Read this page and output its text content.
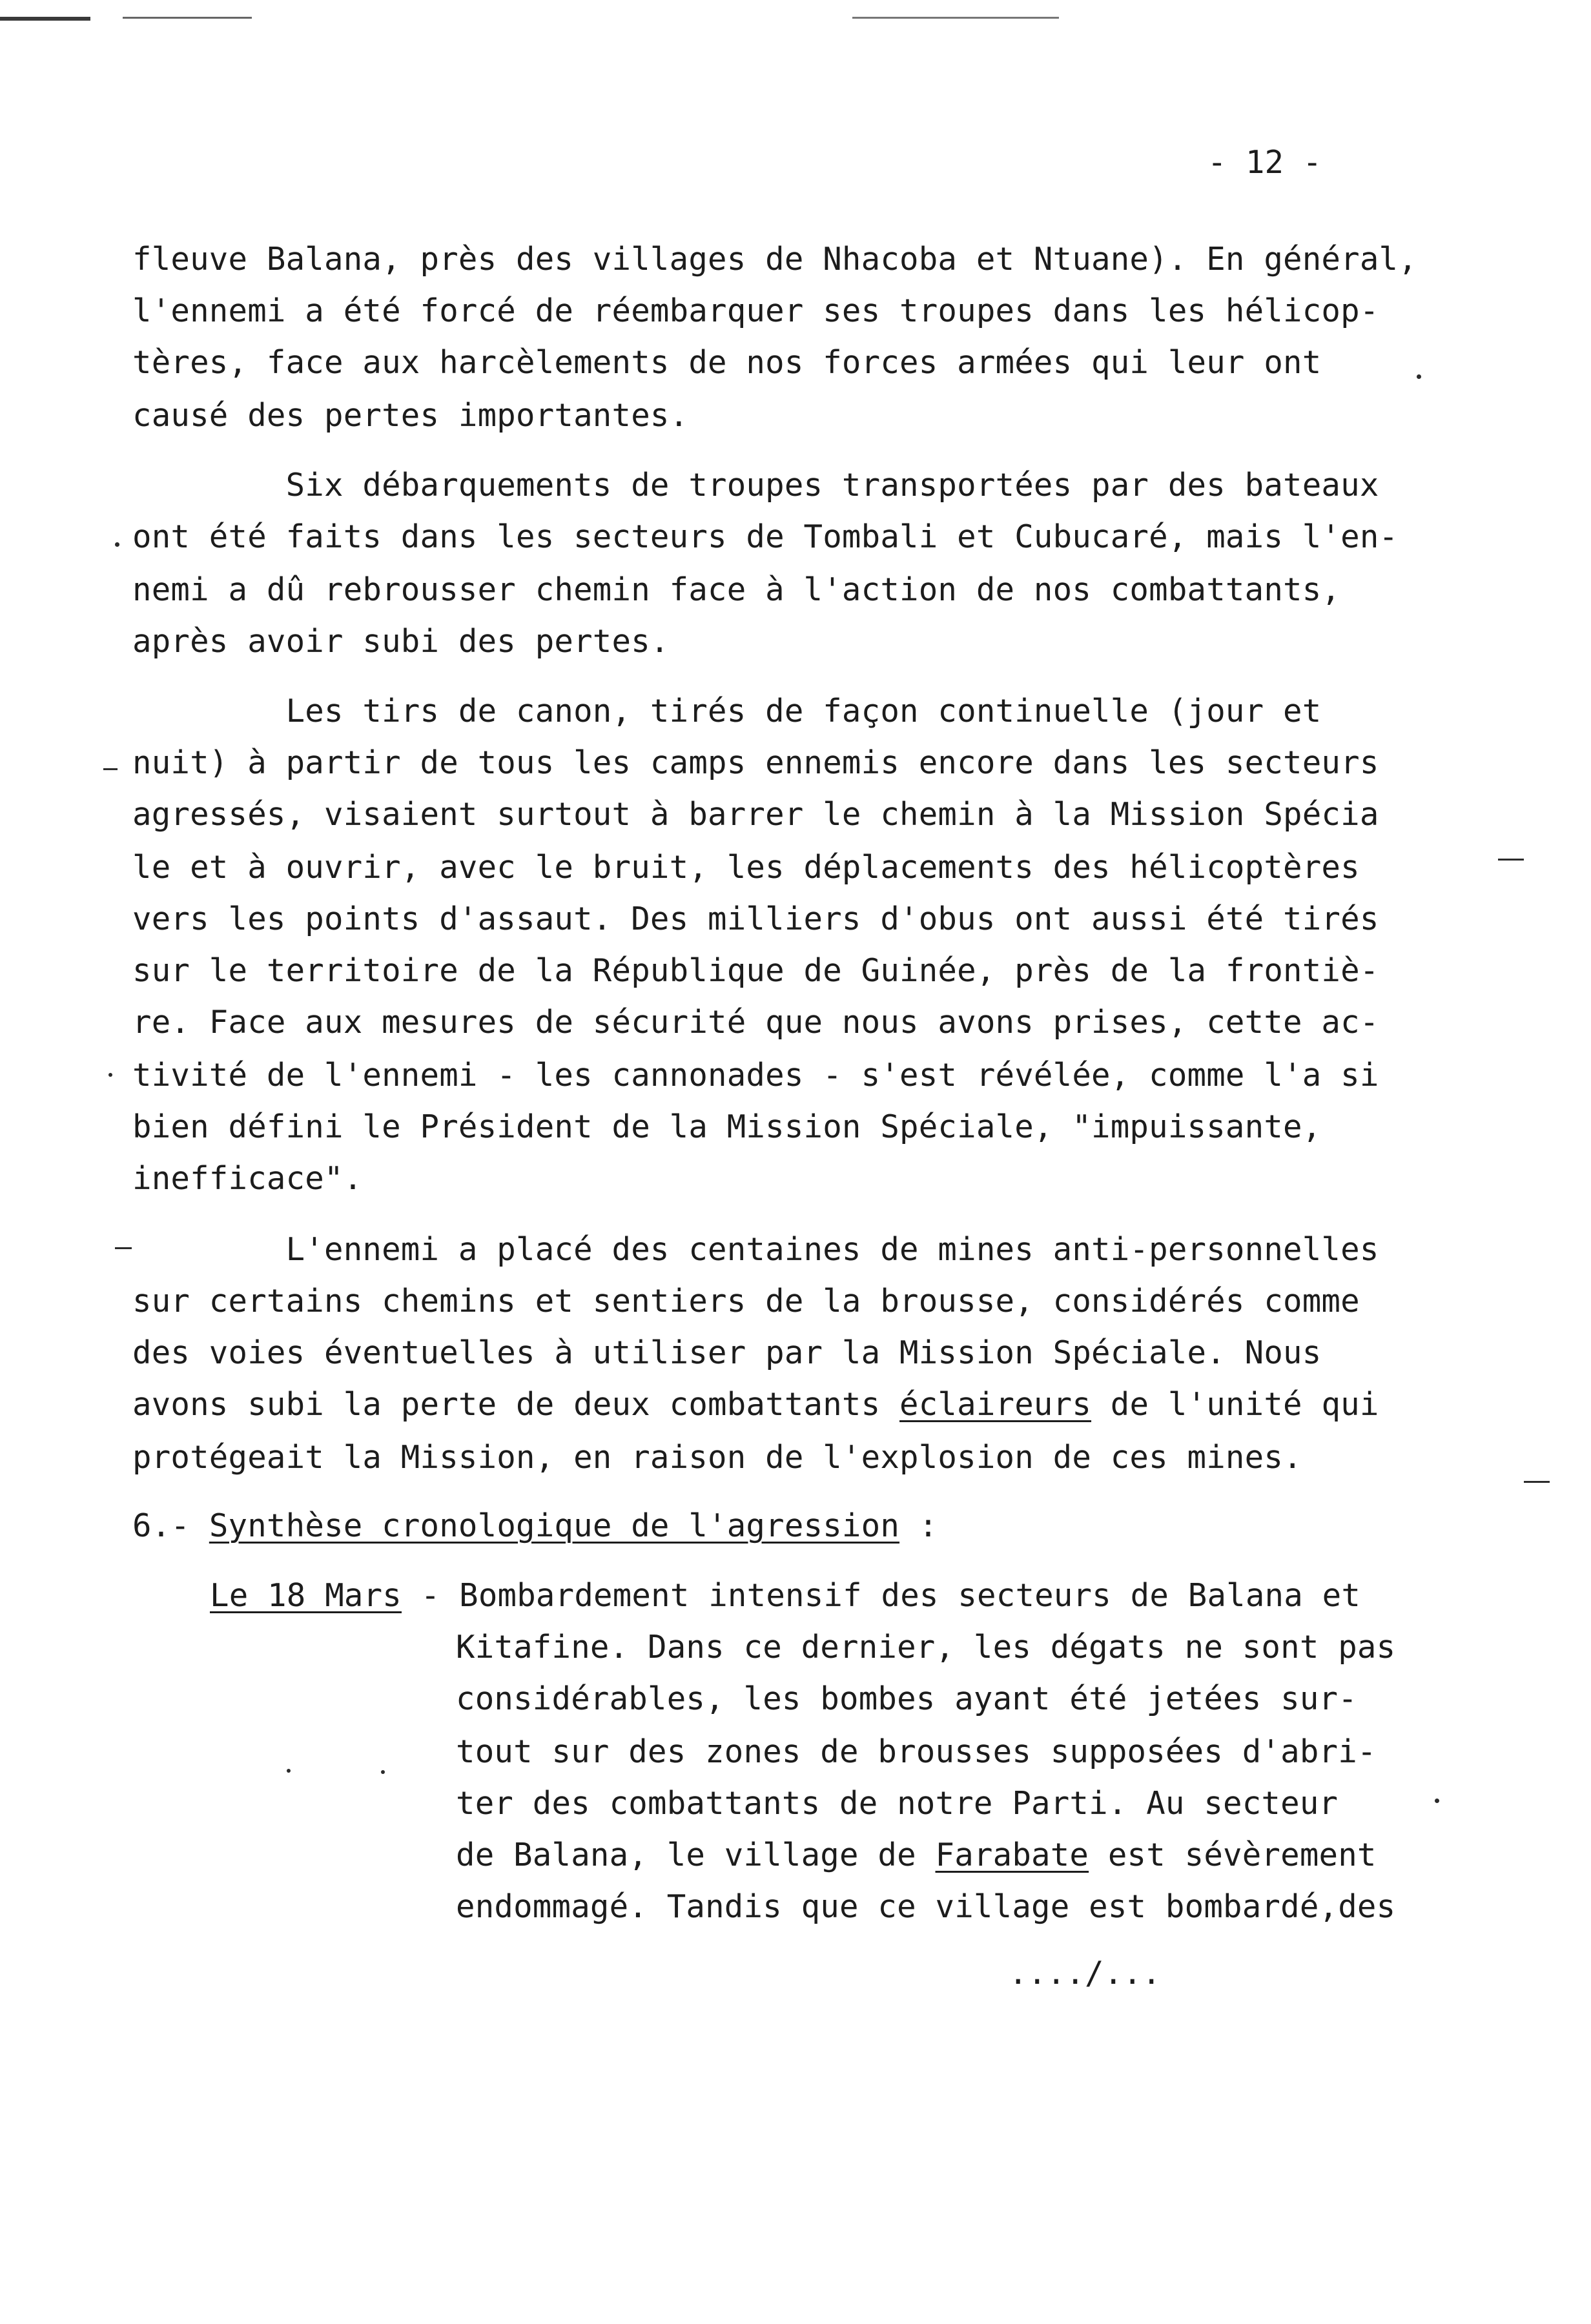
- 12 -
fleuve Balana, près des villages de Nhacoba et Ntuane). En général,
l'ennemi a été forcé de réembarquer ses troupes dans les hélicop-
tères, face aux harcèlements de nos forces armées qui leur ont
causé des pertes importantes.
Six débarquements de troupes transportées par des bateaux
ont été faits dans les secteurs de Tombali et Cubucaré, mais l'en-
nemi a dû rebrousser chemin face à l'action de nos combattants,
après avoir subi des pertes.
Les tirs de canon, tirés de façon continuelle (jour et
nuit) à partir de tous les camps ennemis encore dans les secteurs
agressés, visaient surtout à barrer le chemin à la Mission Spécia
le et à ouvrir, avec le bruit, les déplacements des hélicoptères
vers les points d'assaut. Des milliers d'obus ont aussi été tirés
sur le territoire de la République de Guinée, près de la frontiè-
re. Face aux mesures de sécurité que nous avons prises, cette ac-
tivité de l'ennemi - les cannonades - s'est révélée, comme l'a si
bien défini le Président de la Mission Spéciale, "impuissante,
inefficace".
L'ennemi a placé des centaines de mines anti-personnelles
sur certains chemins et sentiers de la brousse, considérés comme
des voies éventuelles à utiliser par la Mission Spéciale. Nous
avons subi la perte de deux combattants éclaireurs de l'unité qui
protégeait la Mission, en raison de l'explosion de ces mines.
6.- Synthèse cronologique de l'agression :
Le 18 Mars - Bombardement intensif des secteurs de Balana et
Kitafine. Dans ce dernier, les dégats ne sont pas
considérables, les bombes ayant été jetées sur-
tout sur des zones de brousses supposées d'abri-
ter des combattants de notre Parti. Au secteur
de Balana, le village de Farabate est sévèrement
endommagé. Tandis que ce village est bombardé,des
..../...
